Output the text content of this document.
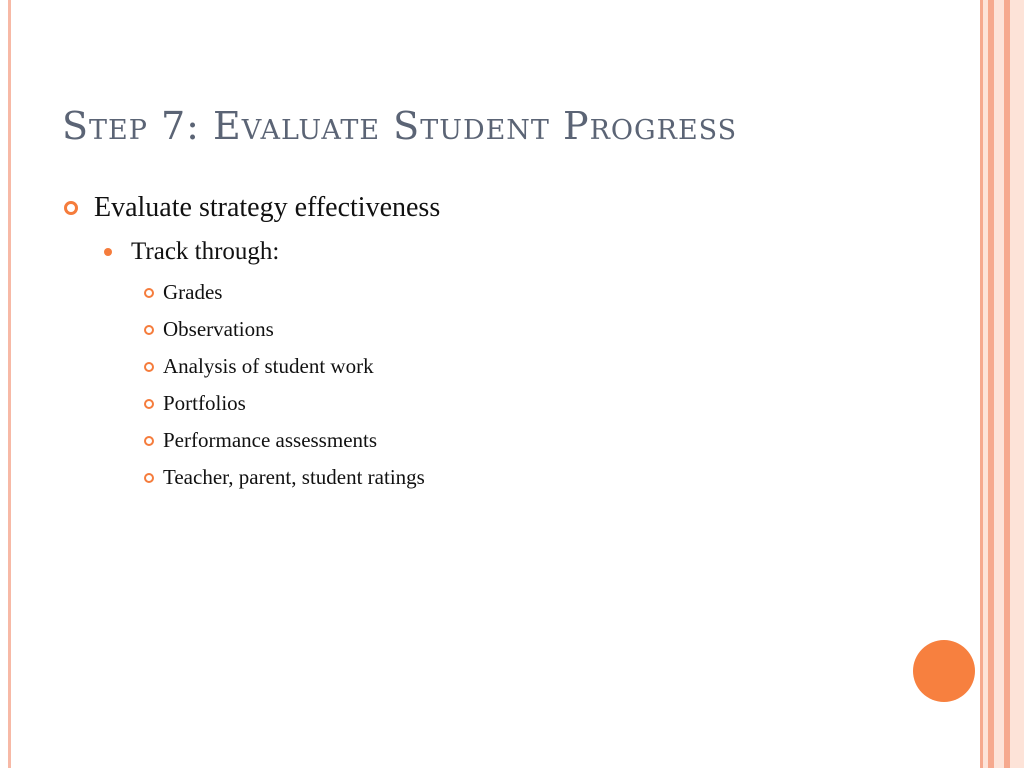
Step 7: Evaluate Student Progress
Evaluate strategy effectiveness
Track through:
Grades
Observations
Analysis of student work
Portfolios
Performance assessments
Teacher, parent, student ratings
